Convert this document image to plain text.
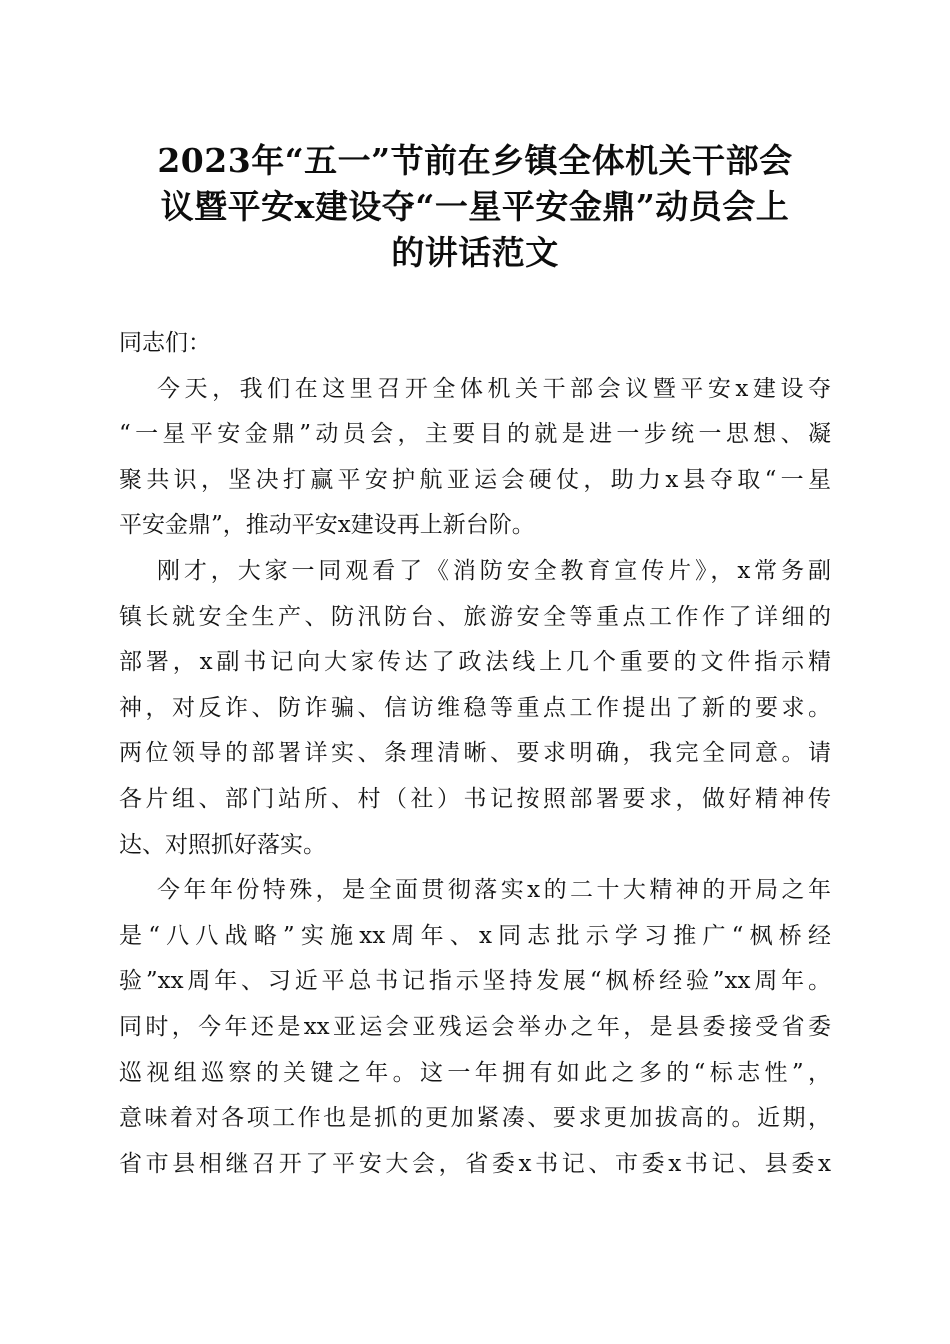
2023年“五一”节前在乡镇全体机关干部会
议暨平安x建设夺“一星平安金鼎”动员会上
的讲话范文
同志们：
今天，我们在这里召开全体机关干部会议暨平安x建设夺
“一星平安金鼎”动员会，主要目的就是进一步统一思想、凝
聚共识，坚决打赢平安护航亚运会硬仗，助力x县夺取“一星
平安金鼎”，推动平安x建设再上新台阶。
刚才，大家一同观看了《消防安全教育宣传片》，x常务副
镇长就安全生产、防汛防台、旅游安全等重点工作作了详细的
部署，x副书记向大家传达了政法线上几个重要的文件指示精
神，对反诈、防诈骗、信访维稳等重点工作提出了新的要求。
两位领导的部署详实、条理清晰、要求明确，我完全同意。请
各片组、部门站所、村（社）书记按照部署要求，做好精神传
达、对照抓好落实。
今年年份特殊，是全面贯彻落实x的二十大精神的开局之年
是“八八战略”实施xx周年、x同志批示学习推广“枫桥经
验”xx周年、习近平总书记指示坚持发展“枫桥经验”xx周年。
同时，今年还是xx亚运会亚残运会举办之年，是县委接受省委
巡视组巡察的关键之年。这一年拥有如此之多的“标志性”，
意味着对各项工作也是抓的更加紧凑、要求更加拔高的。近期，
省市县相继召开了平安大会，省委x书记、市委x书记、县委x
